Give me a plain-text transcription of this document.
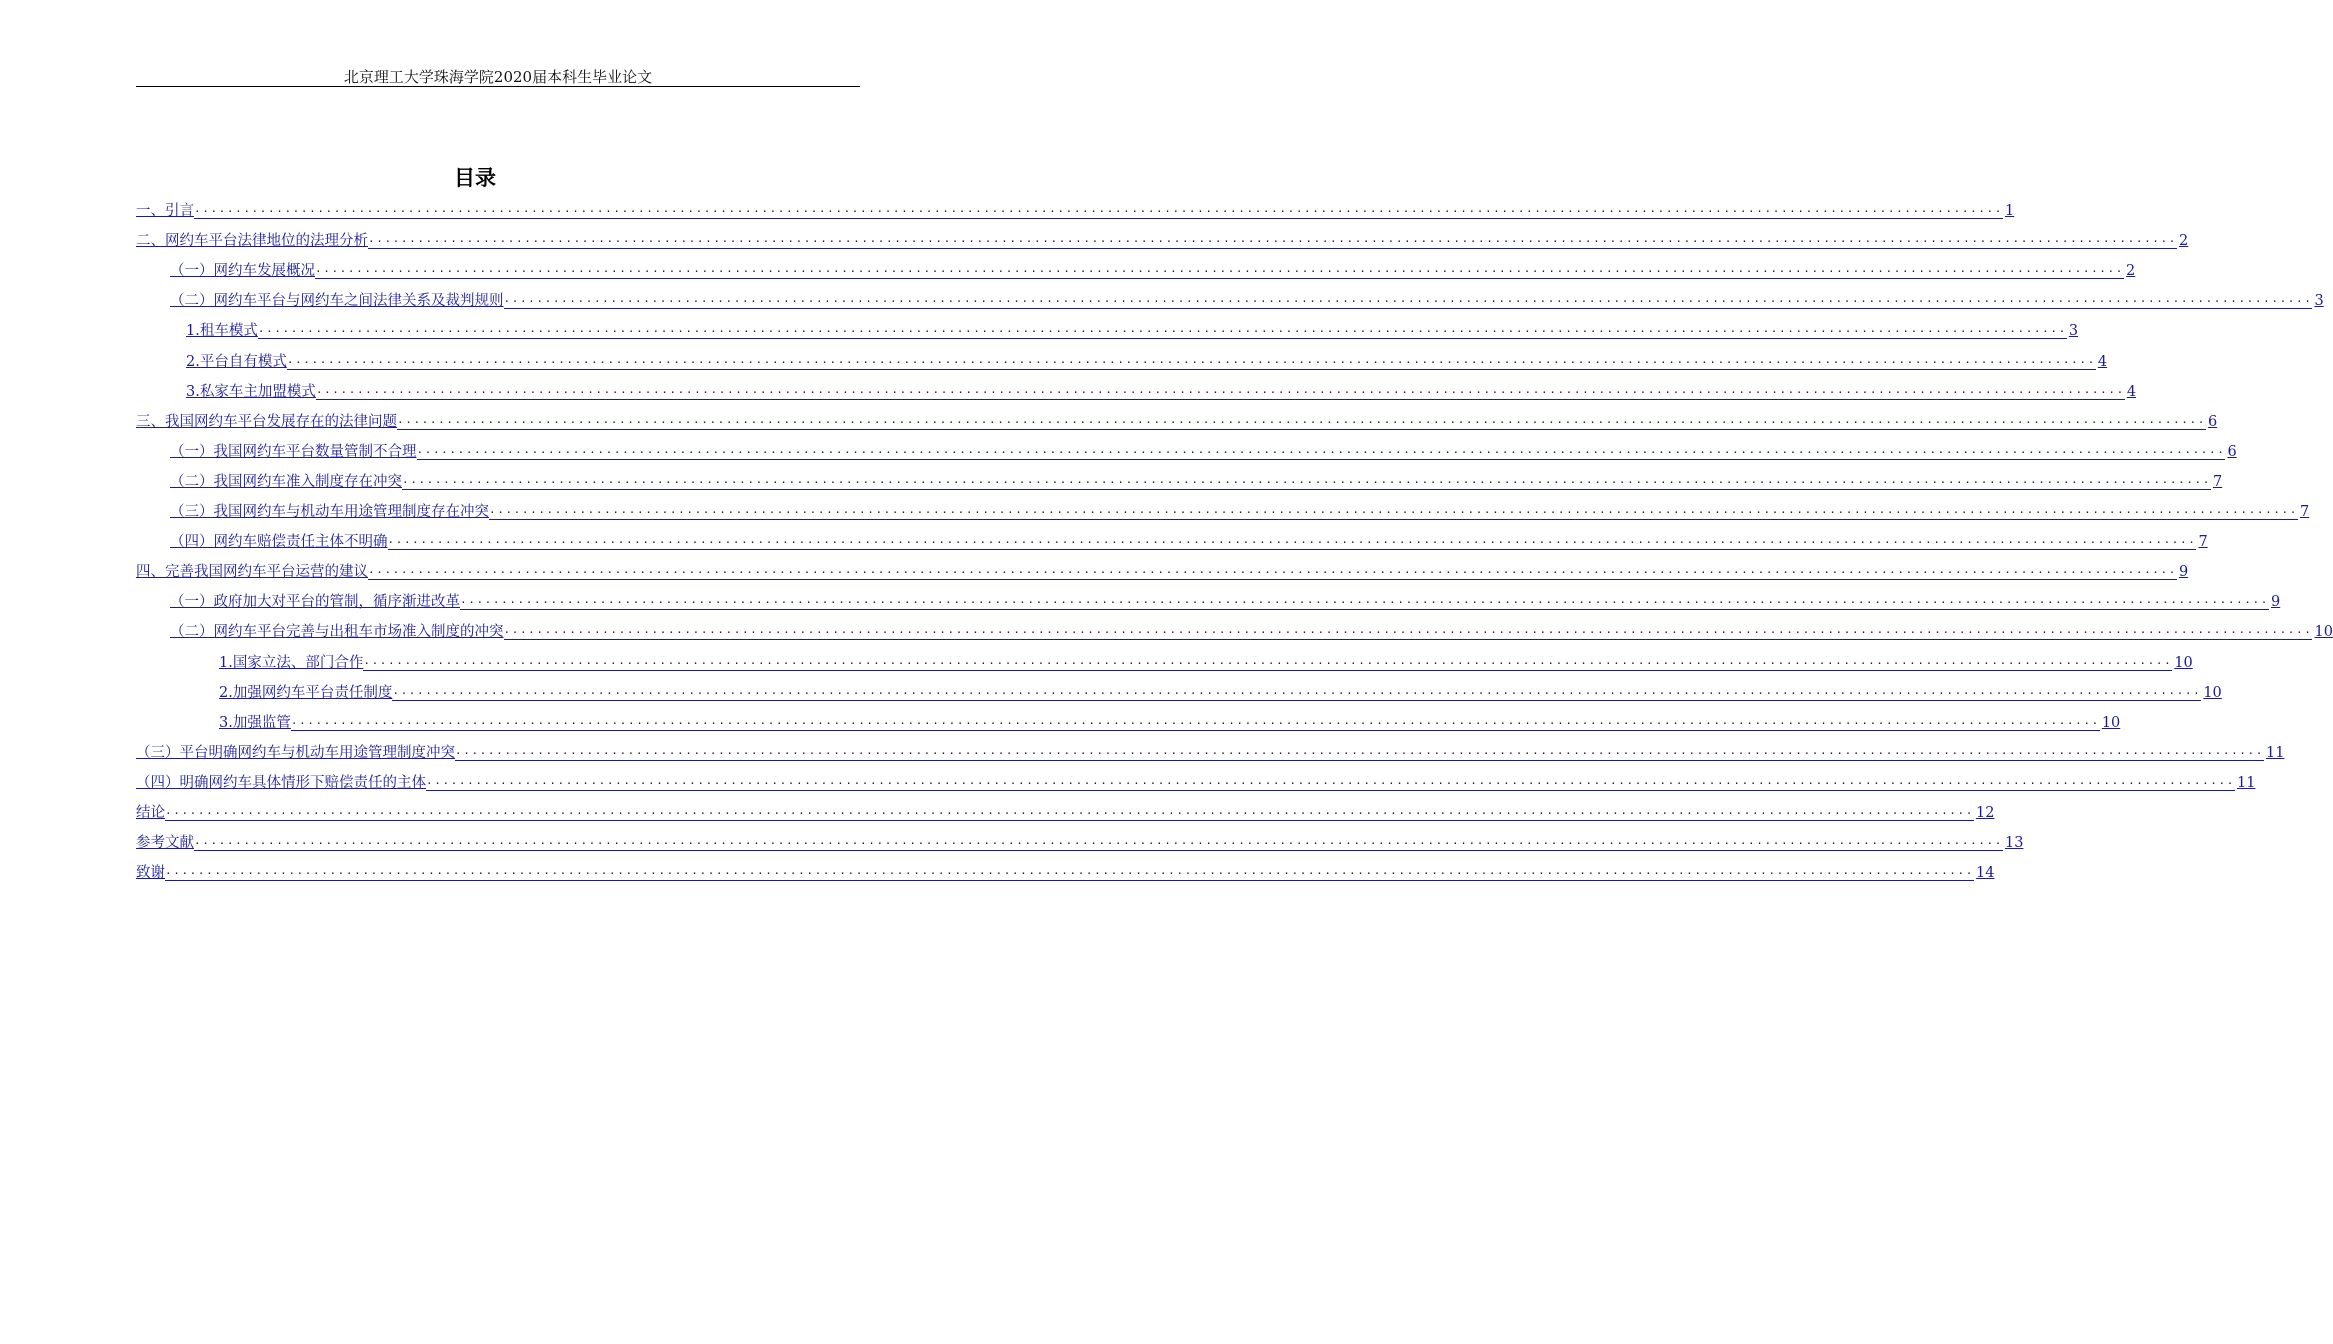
北京理工大学珠海学院2020届本科生毕业论文
目录
一、引言 ............................................................................................................................................................................................................................ 1
二、网约车平台法律地位的法理分析 ............................................................................................................................................................................................................................ 2
（一）网约车发展概况 ............................................................................................................................................................................................................................ 2
（二）网约车平台与网约车之间法律关系及裁判规则 ............................................................................................................................................................................................................................ 3
1.租车模式 ............................................................................................................................................................................................................................ 3
2.平台自有模式 ............................................................................................................................................................................................................................ 4
3.私家车主加盟模式 ............................................................................................................................................................................................................................ 4
三、我国网约车平台发展存在的法律问题 ............................................................................................................................................................................................................................ 6
（一）我国网约车平台数量管制不合理 ............................................................................................................................................................................................................................ 6
（二）我国网约车准入制度存在冲突 ............................................................................................................................................................................................................................ 7
（三）我国网约车与机动车用途管理制度存在冲突 ............................................................................................................................................................................................................................ 7
（四）网约车赔偿责任主体不明确 ............................................................................................................................................................................................................................ 7
四、完善我国网约车平台运营的建议 ............................................................................................................................................................................................................................ 9
（一）政府加大对平台的管制，循序渐进改革 ............................................................................................................................................................................................................................ 9
（二）网约车平台完善与出租车市场准入制度的冲突 ............................................................................................................................................................................................................................ 10
1.国家立法、部门合作 ............................................................................................................................................................................................................................ 10
2.加强网约车平台责任制度 ............................................................................................................................................................................................................................ 10
3.加强监管 ............................................................................................................................................................................................................................ 10
（三）平台明确网约车与机动车用途管理制度冲突 ............................................................................................................................................................................................................................ 11
（四）明确网约车具体情形下赔偿责任的主体 ............................................................................................................................................................................................................................ 11
结论 ............................................................................................................................................................................................................................ 12
参考文献 ............................................................................................................................................................................................................................ 13
致谢 ............................................................................................................................................................................................................................ 14
